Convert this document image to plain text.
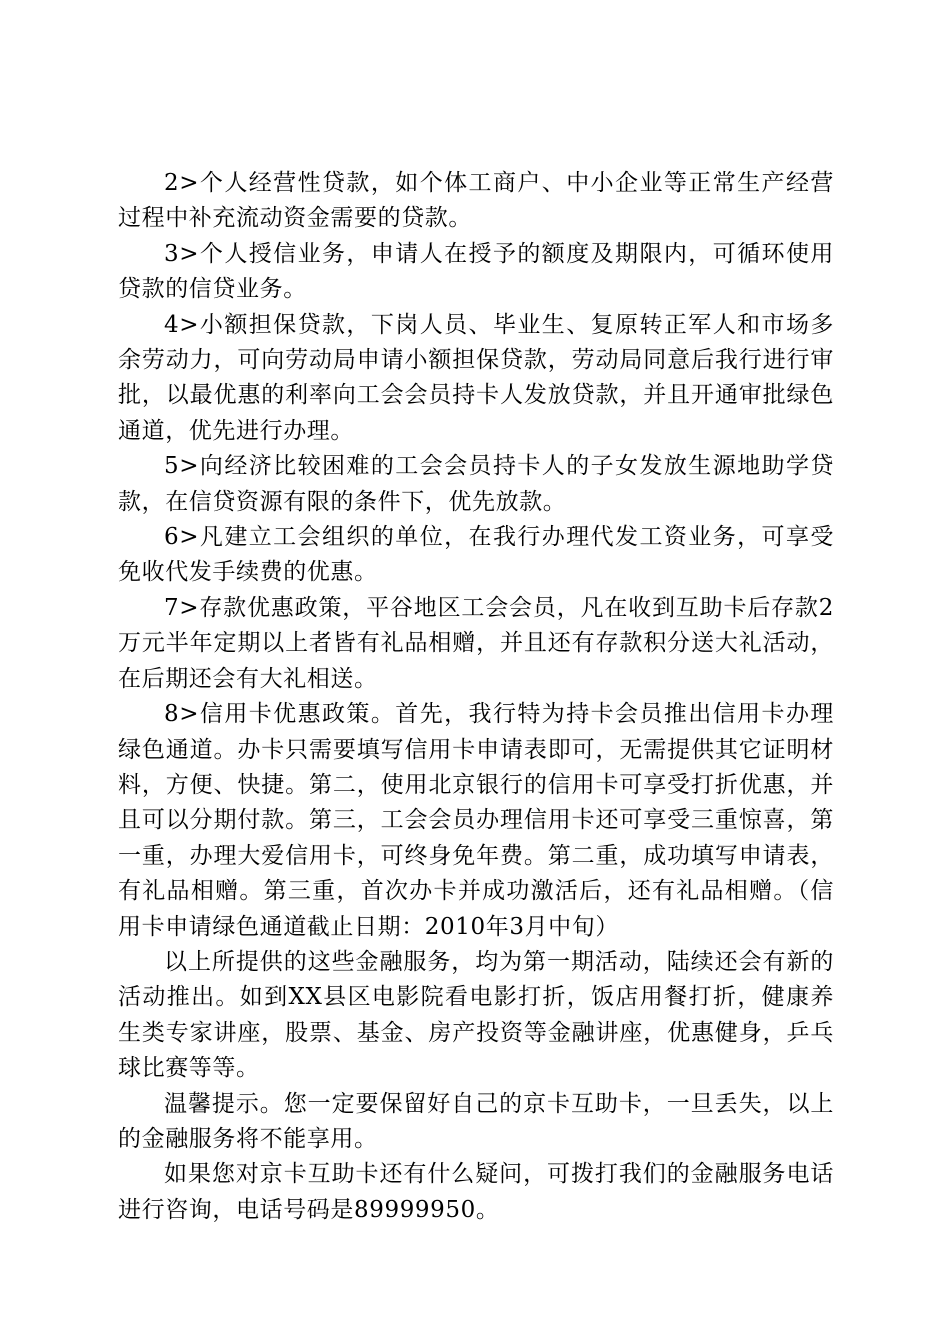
2>个人经营性贷款，如个体工商户、中小企业等正常生产经营过程中补充流动资金需要的贷款。

3>个人授信业务，申请人在授予的额度及期限内，可循环使用贷款的信贷业务。

4>小额担保贷款，下岗人员、毕业生、复原转正军人和市场多余劳动力，可向劳动局申请小额担保贷款，劳动局同意后我行进行审批，以最优惠的利率向工会会员持卡人发放贷款，并且开通审批绿色通道，优先进行办理。

5>向经济比较困难的工会会员持卡人的子女发放生源地助学贷款，在信贷资源有限的条件下，优先放款。

6>凡建立工会组织的单位，在我行办理代发工资业务，可享受免收代发手续费的优惠。

7>存款优惠政策，平谷地区工会会员，凡在收到互助卡后存款2万元半年定期以上者皆有礼品相赠，并且还有存款积分送大礼活动，在后期还会有大礼相送。

8>信用卡优惠政策。首先，我行特为持卡会员推出信用卡办理绿色通道。办卡只需要填写信用卡申请表即可，无需提供其它证明材料，方便、快捷。第二，使用北京银行的信用卡可享受打折优惠，并且可以分期付款。第三，工会会员办理信用卡还可享受三重惊喜，第一重，办理大爱信用卡，可终身免年费。第二重，成功填写申请表，有礼品相赠。第三重，首次办卡并成功激活后，还有礼品相赠。（信用卡申请绿色通道截止日期：2010年3月中旬）

以上所提供的这些金融服务，均为第一期活动，陆续还会有新的活动推出。如到XX县区电影院看电影打折，饭店用餐打折，健康养生类专家讲座，股票、基金、房产投资等金融讲座，优惠健身，乒乓球比赛等等。

温馨提示。您一定要保留好自己的京卡互助卡，一旦丢失，以上的金融服务将不能享用。

如果您对京卡互助卡还有什么疑问，可拨打我们的金融服务电话进行咨询，电话号码是89999950。
